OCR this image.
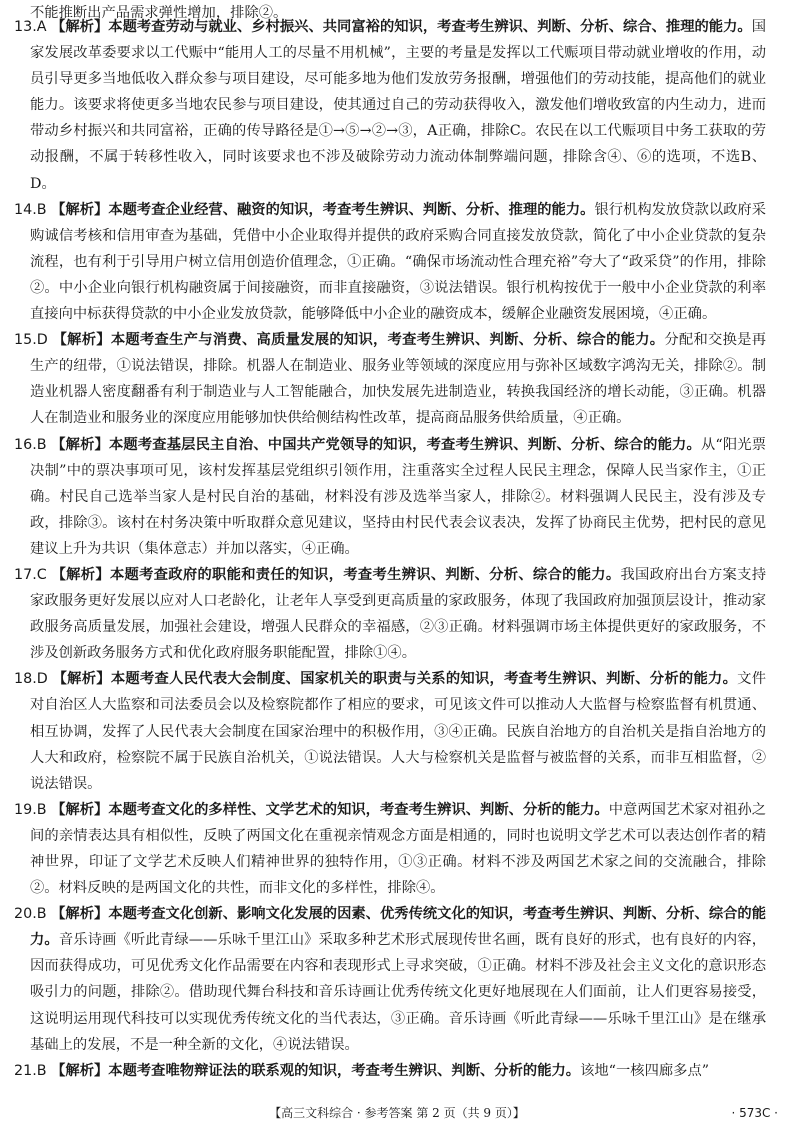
不能推断出产品需求弹性增加，排除②。

13.A 【解析】本题考查劳动与就业、乡村振兴、共同富裕的知识，考查考生辨识、判断、分析、综合、推理的能力。国家发展改革委要求以工代赈中“能用人工的尽量不用机械”，主要的考量是发挥以工代赈项目带动就业增收的作用，动员引导更多当地低收入群众参与项目建设，尽可能多地为他们发放劳务报酬，增强他们的劳动技能，提高他们的就业能力。该要求将使更多当地农民参与项目建设，使其通过自己的劳动获得收入，激发他们增收致富的内生动力，进而带动乡村振兴和共同富裕，正确的传导路径是①→⑤→②→③，A正确，排除C。农民在以工代赈项目中务工获取的劳动报酬，不属于转移性收入，同时该要求也不涉及破除劳动力流动体制弊端问题，排除含④、⑥的选项，不选B、D。

14.B 【解析】本题考查企业经营、融资的知识，考查考生辨识、判断、分析、推理的能力。银行机构发放贷款以政府采购诚信考核和信用审查为基础，凭借中小企业取得并提供的政府采购合同直接发放贷款，简化了中小企业贷款的复杂流程，也有利于引导用户树立信用创造价值理念，①正确。“确保市场流动性合理充裕”夸大了“政采贷”的作用，排除②。中小企业向银行机构融资属于间接融资，而非直接融资，③说法错误。银行机构按优于一般中小企业贷款的利率直接向中标获得贷款的中小企业发放贷款，能够降低中小企业的融资成本，缓解企业融资发展困境，④正确。

15.D 【解析】本题考查生产与消费、高质量发展的知识，考查考生辨识、判断、分析、综合的能力。分配和交换是再生产的纽带，①说法错误，排除。机器人在制造业、服务业等领域的深度应用与弥补区域数字鸿沟无关，排除②。制造业机器人密度翻番有利于制造业与人工智能融合，加快发展先进制造业，转换我国经济的增长动能，③正确。机器人在制造业和服务业的深度应用能够加快供给侧结构性改革，提高商品服务供给质量，④正确。

16.B 【解析】本题考查基层民主自治、中国共产党领导的知识，考查考生辨识、判断、分析、综合的能力。从“阳光票决制”中的票决事项可见，该村发挥基层党组织引领作用，注重落实全过程人民民主理念，保障人民当家作主，①正确。村民自己选举当家人是村民自治的基础，材料没有涉及选举当家人，排除②。材料强调人民民主，没有涉及专政，排除③。该村在村务决策中听取群众意见建议，坚持由村民代表会议表决，发挥了协商民主优势，把村民的意见建议上升为共识（集体意志）并加以落实，④正确。

17.C 【解析】本题考查政府的职能和责任的知识，考查考生辨识、判断、分析、综合的能力。我国政府出台方案支持家政服务更好发展以应对人口老龄化，让老年人享受到更高质量的家政服务，体现了我国政府加强顶层设计，推动家政服务高质量发展，加强社会建设，增强人民群众的幸福感，②③正确。材料强调市场主体提供更好的家政服务，不涉及创新政务服务方式和优化政府服务职能配置，排除①④。

18.D 【解析】本题考查人民代表大会制度、国家机关的职责与关系的知识，考查考生辨识、判断、分析的能力。文件对自治区人大监察和司法委员会以及检察院都作了相应的要求，可见该文件可以推动人大监督与检察监督有机贯通、相互协调，发挥了人民代表大会制度在国家治理中的积极作用，③④正确。民族自治地方的自治机关是指自治地方的人大和政府，检察院不属于民族自治机关，①说法错误。人大与检察机关是监督与被监督的关系，而非互相监督，②说法错误。

19.B 【解析】本题考查文化的多样性、文学艺术的知识，考查考生辨识、判断、分析的能力。中意两国艺术家对祖孙之间的亲情表达具有相似性，反映了两国文化在重视亲情观念方面是相通的，同时也说明文学艺术可以表达创作者的精神世界，印证了文学艺术反映人们精神世界的独特作用，①③正确。材料不涉及两国艺术家之间的交流融合，排除②。材料反映的是两国文化的共性，而非文化的多样性，排除④。

20.B 【解析】本题考查文化创新、影响文化发展的因素、优秀传统文化的知识，考查考生辨识、判断、分析、综合的能力。音乐诗画《听此青绿——乐咏千里江山》采取多种艺术形式展现传世名画，既有良好的形式，也有良好的内容，因而获得成功，可见优秀文化作品需要在内容和表现形式上寻求突破，①正确。材料不涉及社会主义文化的意识形态吸引力的问题，排除②。借助现代舞台科技和音乐诗画让优秀传统文化更好地展现在人们面前，让人们更容易接受，这说明运用现代科技可以实现优秀传统文化的当代表达，③正确。音乐诗画《听此青绿——乐咏千里江山》是在继承基础上的发展，不是一种全新的文化，④说法错误。

21.B 【解析】本题考查唯物辩证法的联系观的知识，考查考生辨识、判断、分析的能力。该地“一核四廊多点”

【高三文科综合 · 参考答案 第 2 页（共 9 页）】	· 573C ·
